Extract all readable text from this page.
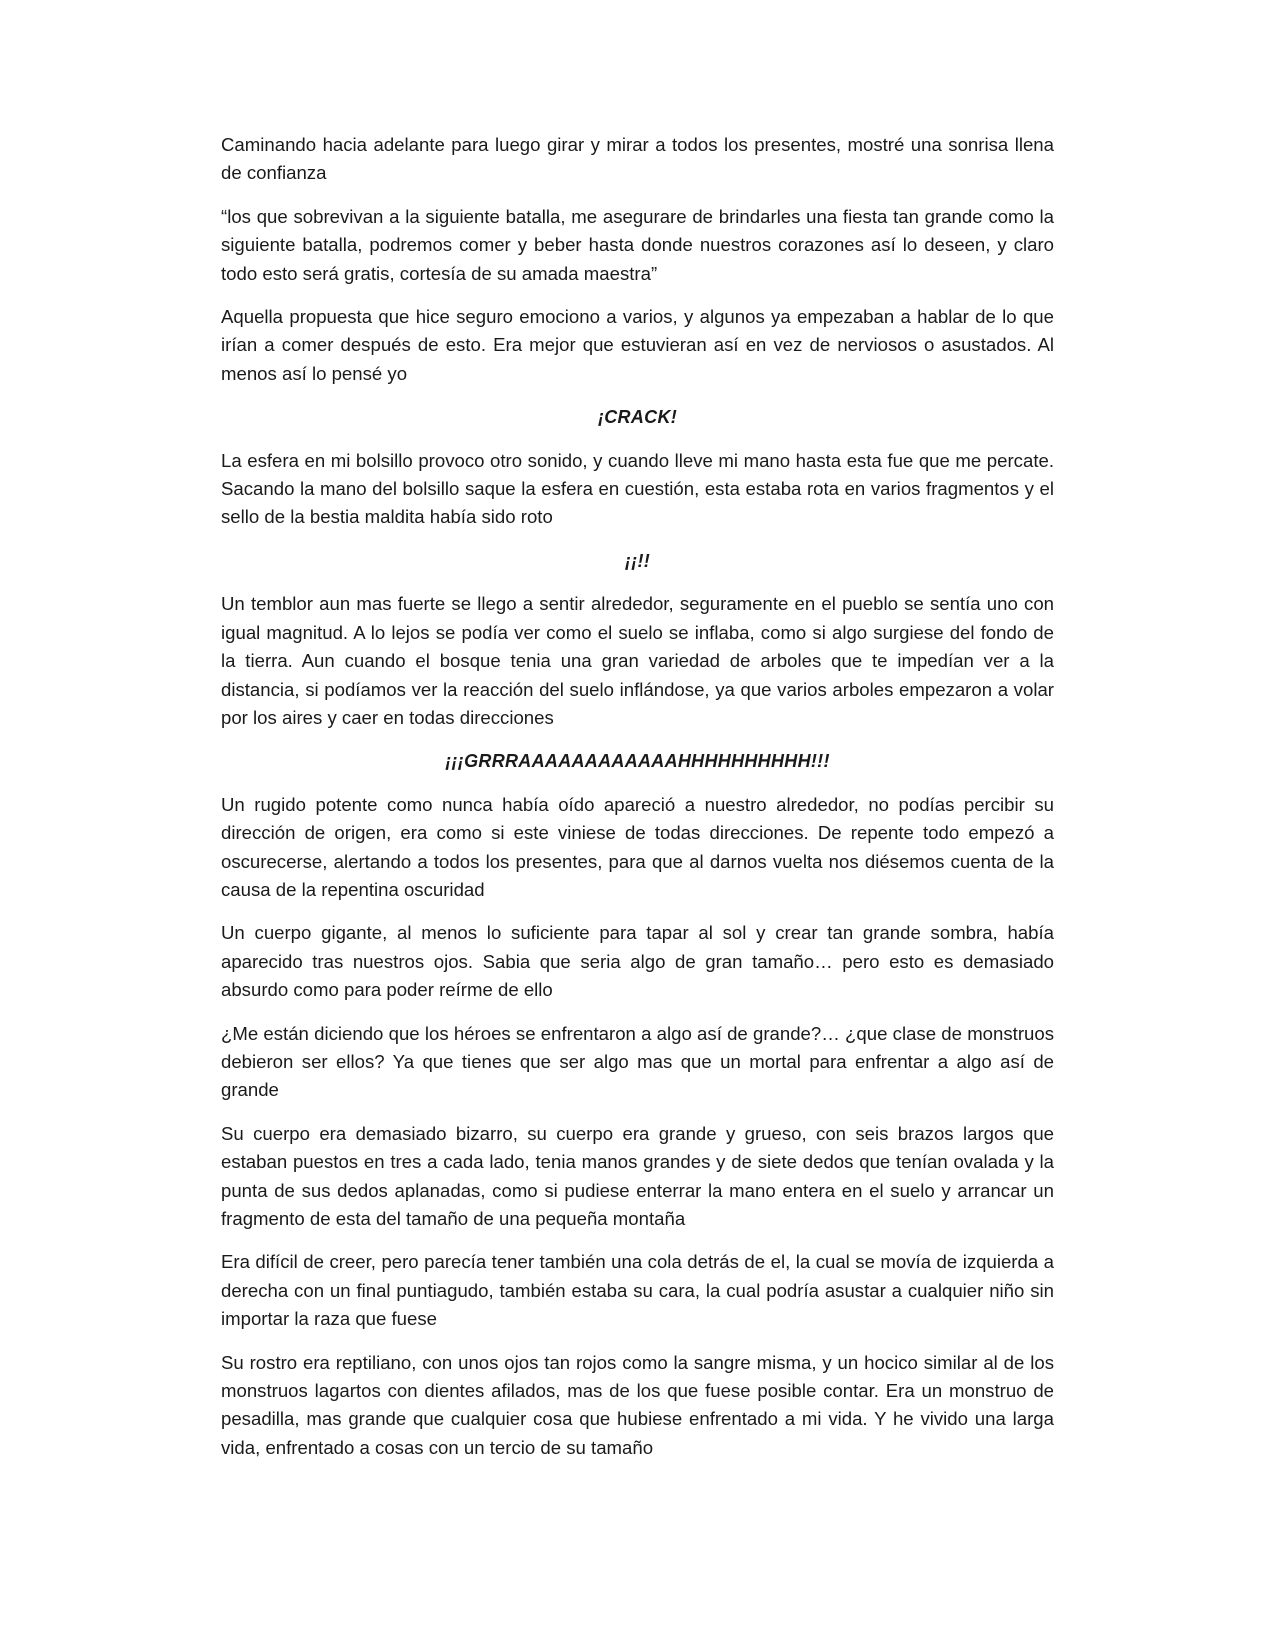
Caminando hacia adelante para luego girar y mirar a todos los presentes, mostré una sonrisa llena de confianza

“los que sobrevivan a la siguiente batalla, me asegurare de brindarles una fiesta tan grande como la siguiente batalla, podremos comer y beber hasta donde nuestros corazones así lo deseen, y claro todo esto será gratis, cortesía de su amada maestra”

Aquella propuesta que hice seguro emociono a varios, y algunos ya empezaban a hablar de lo que irían a comer después de esto. Era mejor que estuvieran así en vez de nerviosos o asustados. Al menos así lo pensé yo

¡CRACK!

La esfera en mi bolsillo provoco otro sonido, y cuando lleve mi mano hasta esta fue que me percate. Sacando la mano del bolsillo saque la esfera en cuestión, esta estaba rota en varios fragmentos y el sello de la bestia maldita había sido roto

¡¡!!

Un temblor aun mas fuerte se llego a sentir alrededor, seguramente en el pueblo se sentía uno con igual magnitud. A lo lejos se podía ver como el suelo se inflaba, como si algo surgiese del fondo de la tierra. Aun cuando el bosque tenia una gran variedad de arboles que te impedían ver a la distancia, si podíamos ver la reacción del suelo inflándose, ya que varios arboles empezaron a volar por los aires y caer en todas direcciones

¡¡¡GRRRAAAAAAAAAAAAHHHHHHHHHH!!!

Un rugido potente como nunca había oído apareció a nuestro alrededor, no podías percibir su dirección de origen, era como si este viniese de todas direcciones. De repente todo empezó a oscurecerse, alertando a todos los presentes, para que al darnos vuelta nos diésemos cuenta de la causa de la repentina oscuridad

Un cuerpo gigante, al menos lo suficiente para tapar al sol y crear tan grande sombra, había aparecido tras nuestros ojos. Sabia que seria algo de gran tamaño… pero esto es demasiado absurdo como para poder reírme de ello

¿Me están diciendo que los héroes se enfrentaron a algo así de grande?… ¿que clase de monstruos debieron ser ellos? Ya que tienes que ser algo mas que un mortal para enfrentar a algo así de grande

Su cuerpo era demasiado bizarro, su cuerpo era grande y grueso, con seis brazos largos que estaban puestos en tres a cada lado, tenia manos grandes y de siete dedos que tenían ovalada y la punta de sus dedos aplanadas, como si pudiese enterrar la mano entera en el suelo y arrancar un fragmento de esta del tamaño de una pequeña montaña

Era difícil de creer, pero parecía tener también una cola detrás de el, la cual se movía de izquierda a derecha con un final puntiagudo, también estaba su cara, la cual podría asustar a cualquier niño sin importar la raza que fuese

Su rostro era reptiliano, con unos ojos tan rojos como la sangre misma, y un hocico similar al de los monstruos lagartos con dientes afilados, mas de los que fuese posible contar. Era un monstruo de pesadilla, mas grande que cualquier cosa que hubiese enfrentado a mi vida. Y he vivido una larga vida, enfrentado a cosas con un tercio de su tamaño
